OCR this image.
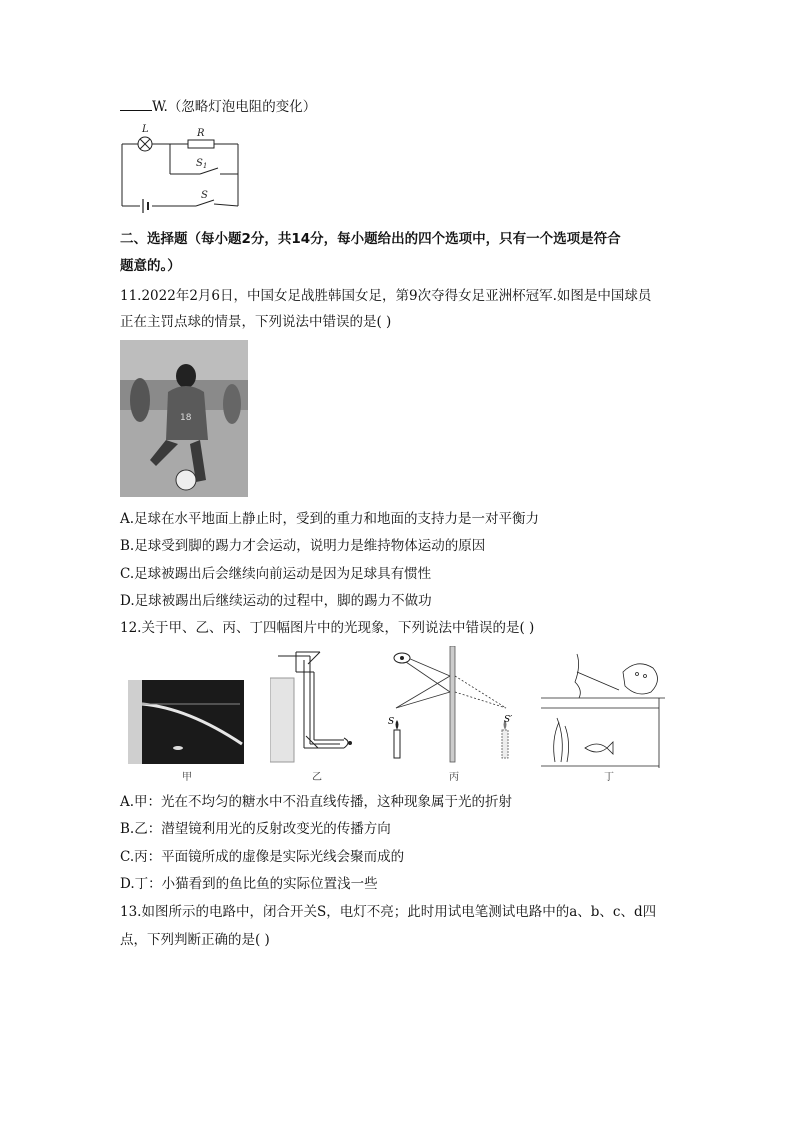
W.（忽略灯泡电阻的变化）
L	R
$S_1$
S
二、选择题（每小题2分，共14分，每小题给出的四个选项中，只有一个选项是符合
题意的。）
11.2022年2月6日，中国女足战胜韩国女足，第9次夺得女足亚洲杯冠军.如图是中国球员
正在主罚点球的情景，下列说法中错误的是( )
18
A.足球在水平地面上静止时，受到的重力和地面的支持力是一对平衡力
B.足球受到脚的踢力才会运动，说明力是维持物体运动的原因
C.足球被踢出后会继续向前运动是因为足球具有惯性
D.足球被踢出后继续运动的过程中，脚的踢力不做功
12.关于甲、乙、丙、丁四幅图片中的光现象，下列说法中错误的是( )
甲	乙
S	S′
丙	丁
A.甲：光在不均匀的糖水中不沿直线传播，这种现象属于光的折射
B.乙：潜望镜利用光的反射改变光的传播方向
C.丙：平面镜所成的虚像是实际光线会聚而成的
D.丁：小猫看到的鱼比鱼的实际位置浅一些
13.如图所示的电路中，闭合开关S，电灯不亮；此时用试电笔测试电路中的a、b、c、d四
点，下列判断正确的是( )
